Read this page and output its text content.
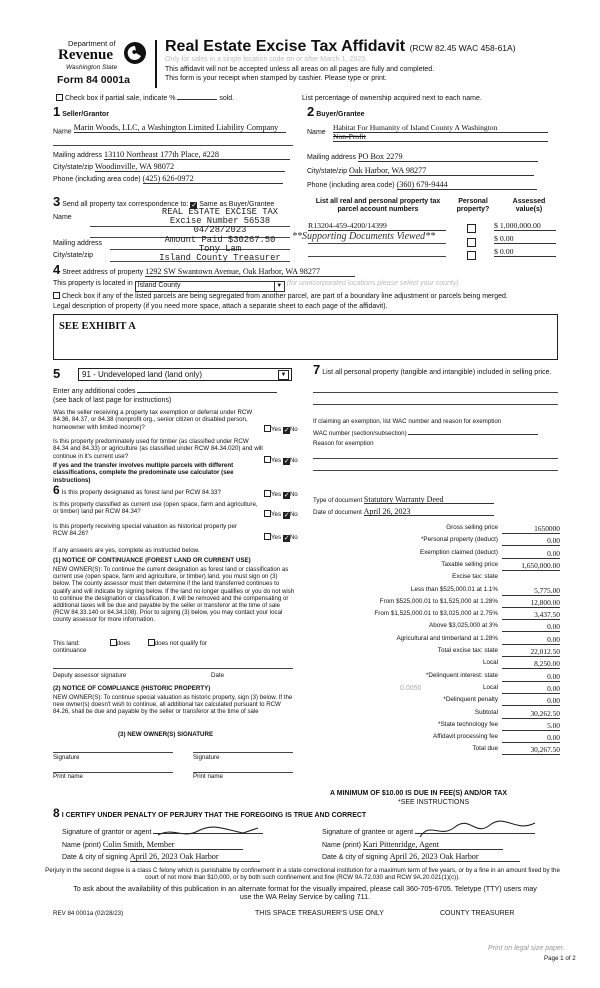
Department of
Revenue
Washington State
Form 84 0001a
Real Estate Excise Tax Affidavit (RCW 82.45 WAC 458-61A)
Only for sales in a single location code on or after March 1, 2023.
This affidavit will not be accepted unless all areas on all pages are fully and completed.
This form is your receipt when stamped by cashier. Please type or print.
Check box if partial sale, indicate %	sold.	List percentage of ownership acquired next to each name.
1 Seller/Grantor
Name Marin Woods, LLC, a Washington Limited Liability Company
Mailing address 13110 Northeast 177th Place, #228
City/state/zip Woodinville, WA 98072
Phone (including area code) (425) 626-0972
2 Buyer/Grantee
Name
Habitat For Humanity of Island County A Washington
Non-Profit
Mailing address PO Box 2279
City/state/zip Oak Harbor, WA 98277
Phone (including area code) (360) 679-9444
3 Send all property tax correspondence to: ✓ Same as Buyer/Grantee
Name
Mailing address
City/state/zip
REAL ESTATE EXCISE TAX
Excise Number 56538
04/28/2023
Amount Paid $30267.50
Tony Lam
Island County Treasurer
List all real and personal property tax parcel account numbers
Personal property?
Assessed value(s)
R13204-459-4200/14399	$ 1,000,000.00
$ 0.00
$ 0.00
**Supporting Documents Viewed**
4 Street address of property 1292 SW Swantown Avenue, Oak Harbor, WA 98277
This property is located in Island County	▼ (for unincorporated locations please select your county)
Check box if any of the listed parcels are being segregated from another parcel, are part of a boundary line adjustment or parcels being merged.
Legal description of property (if you need more space, attach a separate sheet to each page of the affidavit).
SEE EXHIBIT A
5	91 - Undeveloped land (land only)	▼
Enter any additional codes
(see back of last page for instructions)
Was the seller receiving a property tax exemption or deferral under RCW 84.36, 84.37, or 84.38 (nonprofit org., senior citizen or disabled person, homeowner with limited income)?	Yes ✓No
Is this property predominately used for timber (as classified under RCW 84.34 and 84.33) or agriculture (as classified under RCW 84.34.020) and will continue in it's current use?
If yes and the transfer involves multiple parcels with different classifications, complete the predominate use calculator (see instructions)
Yes ✓No
6 Is this property designated as forest land per RCW 84.33?	Yes ✓No
Is this property classified as current use (open space, farm and agriculture, or timber) land per RCW 84.34?	Yes ✓No
Is this property receiving special valuation as historical property per RCW 84.26?
Yes ✓No
If any answers are yes, complete as instructed below.
(1) NOTICE OF CONTINUANCE (FOREST LAND OR CURRENT USE)
NEW OWNER(S): To continue the current designation as forest land or classification as current use (open space, farm and agriculture, or timber) land, you must sign on (3) below. The county assessor must then determine if the land transferred continues to qualify and will indicate by signing below. If the land no longer qualifies or you do not wish to continue the designation or classification, it will be removed and the compensating or additional taxes will be due and payable by the seller or transferor at the time of sale (RCW 84.33.140 or 84.34.108). Prior to signing (3) below, you may contact your local county assessor for more information.
This land:	does	does not qualify for
continuance
Deputy assessor signature	Date
(2) NOTICE OF COMPLIANCE (HISTORIC PROPERTY)
NEW OWNER(S): To continue special valuation as historic property, sign (3) below. If the new owner(s) doesn't wish to continue, all additional tax calculated pursuant to RCW 84.26, shall be due and payable by the seller or transferor at the time of sale
(3) NEW OWNER(S) SIGNATURE
Signature	Signature
Print name	Print name
7 List all personal property (tangible and intangible) included in selling price.
If claiming an exemption, list WAC number and reason for exemption
WAC number (section/subsection)
Reason for exemption
Type of document Statutory Warranty Deed
Date of document April 26, 2023
Gross selling price	1650000
*Personal property (deduct)	0.00
Exemption claimed (deduct)	0.00
Taxable selling price	1,650,000.00
Excise tax: state
Less than $525,000.01 at 1.1%	5,775.00
From $525,000.01 to $1,525,000 at 1.28%	12,800.00
From $1,525,000.01 to $3,025,000 at 2.75%	3,437.50
Above $3,025,000 at 3%	0.00
Agricultural and timberland at 1.28%	0.00
Total excise tax: state	22,012.50
Local	8,250.00
*Delinquent interest: state	0.00
Local	0.00
*Delinquent penalty	0.00
Subtotal	30,262.50
*State technology fee	5.00
Affidavit processing fee	0.00
Total due	30,267.50
0.0050
A MINIMUM OF $10.00 IS DUE IN FEE(S) AND/OR TAX
*SEE INSTRUCTIONS
8 I CERTIFY UNDER PENALTY OF PERJURY THAT THE FOREGOING IS TRUE AND CORRECT
Signature of grantor or agent
Name (print) Colin Smith, Member
Date & city of signing April 26, 2023 Oak Harbor
Signature of grantee or agent
Name (print) Kari Pittenridge, Agent
Date & city of signing April 26, 2023 Oak Harbor
Perjury in the second degree is a class C felony which is punishable by confinement in a state correctional institution for a maximum term of five years, or by a fine in an amount fixed by the court of not more than $10,000, or by both such confinement and fine (RCW 9A.72.030 and RCW 9A.20.021(1)(c)).
To ask about the availability of this publication in an alternate format for the visually impaired, please call 360-705-6705. Teletype (TTY) users may use the WA Relay Service by calling 711.
REV 84 0001a (02/28/23)	THIS SPACE TREASURER'S USE ONLY	COUNTY TREASURER
Print on legal size paper.
Page 1 of 2
